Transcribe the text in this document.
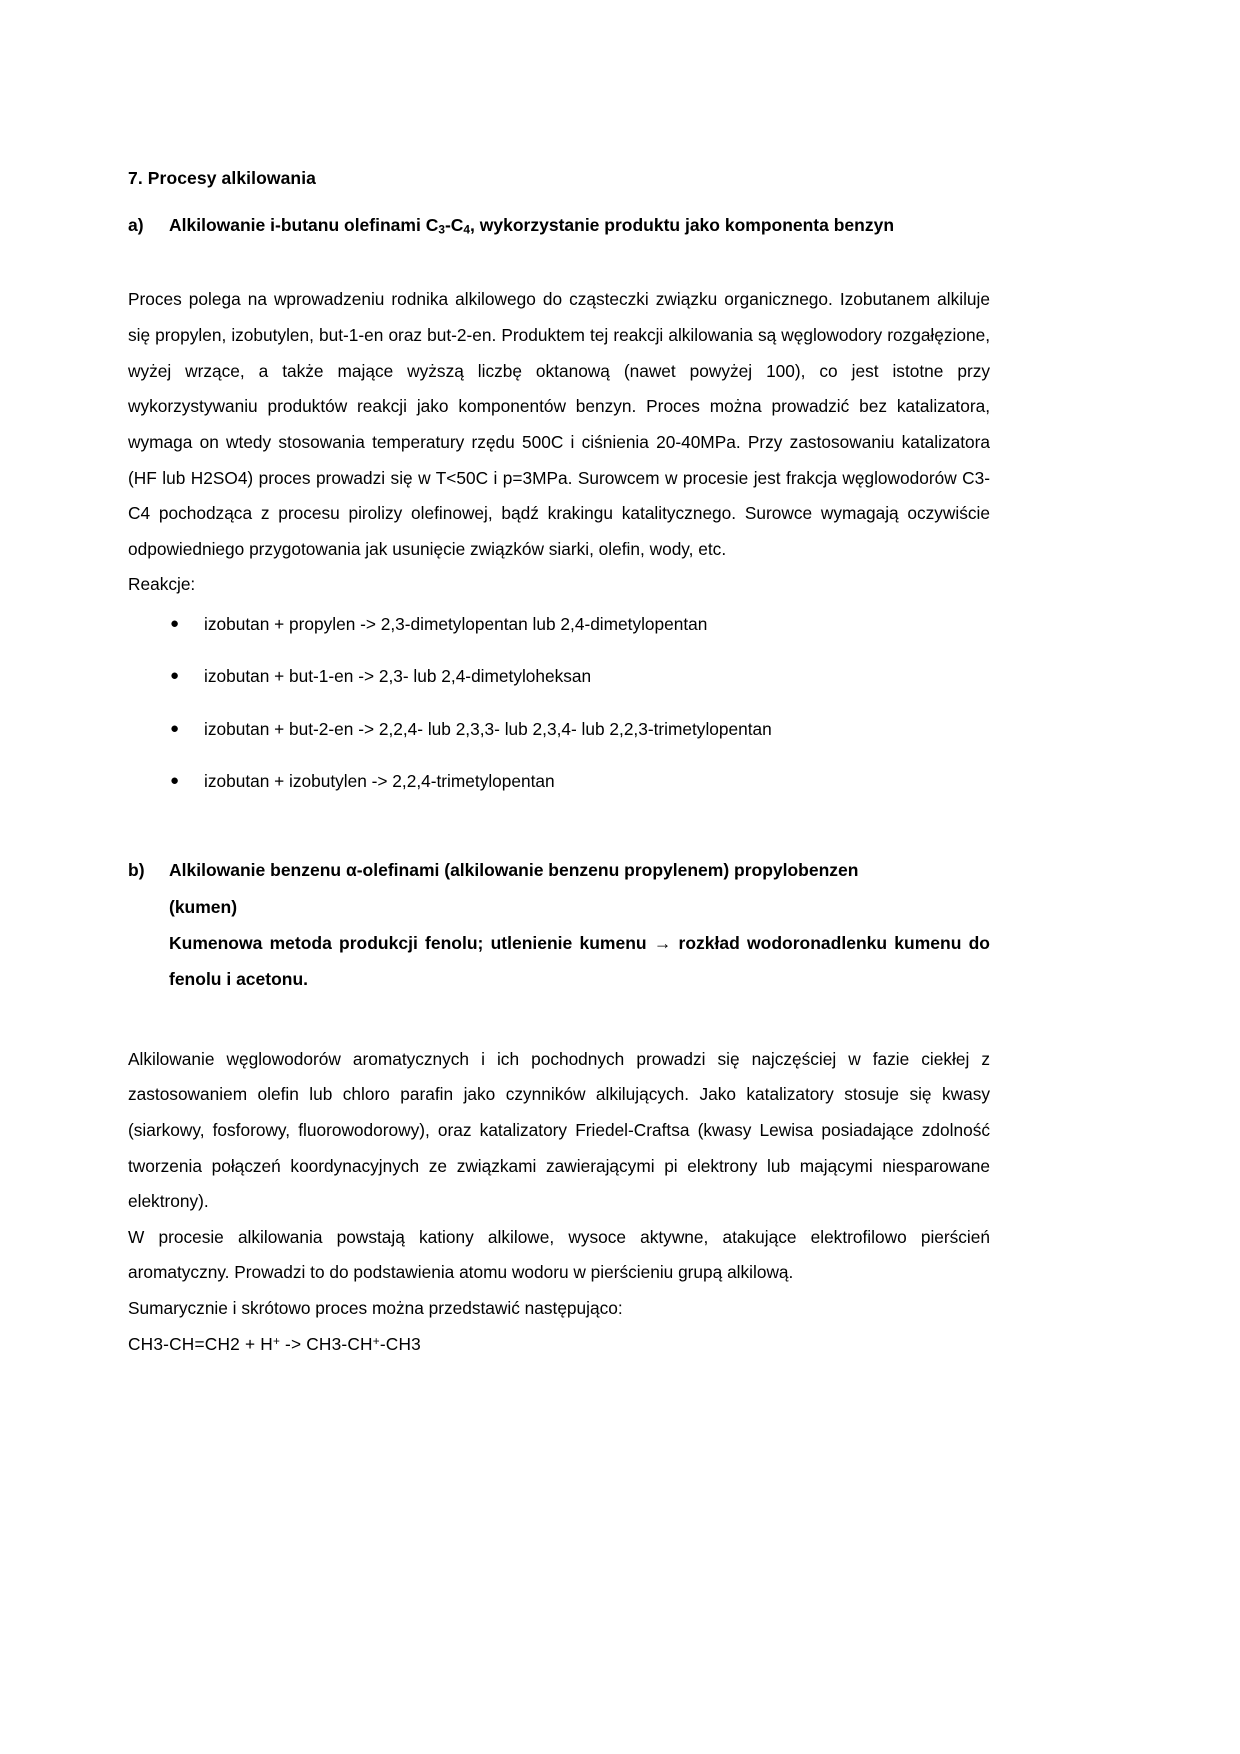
7. Procesy alkilowania
a) Alkilowanie i-butanu olefinami $C_3-C_4$, wykorzystanie produktu jako komponenta benzyn

Proces polega na wprowadzeniu rodnika alkilowego do cząsteczki związku organicznego. Izobutanem alkiluje się propylen, izobutylen, but-1-en oraz but-2-en. Produktem tej reakcji alkilowania są węglowodory rozgałęzione, wyżej wrzące, a także mające wyższą liczbę oktanową (nawet powyżej 100), co jest istotne przy wykorzystywaniu produktów reakcji jako komponentów benzyn. Proces można prowadzić bez katalizatora, wymaga on wtedy stosowania temperatury rzędu 500C i ciśnienia 20-40MPa. Przy zastosowaniu katalizatora (HF lub H2SO4) proces prowadzi się w T<50C i p=3MPa. Surowcem w procesie jest frakcja węglowodorów C3-C4 pochodząca z procesu pirolizy olefinowej, bądź krakingu katalitycznego. Surowce wymagają oczywiście odpowiedniego przygotowania jak usunięcie związków siarki, olefin, wody, etc.

Reakcje:

● izobutan + propylen -> 2,3-dimetylopentan lub 2,4-dimetylopentan
● izobutan + but-1-en -> 2,3- lub 2,4-dimetyloheksan
● izobutan + but-2-en -> 2,2,4- lub 2,3,3- lub 2,3,4- lub 2,2,3-trimetylopentan
● izobutan + izobutylen -> 2,2,4-trimetylopentan
b) Alkilowanie benzenu α-olefinami (alkilowanie benzenu propylenem) propylobenzen
(kumen)
Kumenowa metoda produkcji fenolu; utlenienie kumenu → rozkład wodoronadlenku kumenu do fenolu i acetonu.

Alkilowanie węglowodorów aromatycznych i ich pochodnych prowadzi się najczęściej w fazie ciekłej z zastosowaniem olefin lub chloro parafin jako czynników alkilujących. Jako katalizatory stosuje się kwasy (siarkowy, fosforowy, fluorowodorowy), oraz katalizatory Friedel-Craftsa (kwasy Lewisa posiadające zdolność tworzenia połączeń koordynacyjnych ze związkami zawierającymi pi elektrony lub mającymi niesparowane elektrony).

W procesie alkilowania powstają kationy alkilowe, wysoce aktywne, atakujące elektrofilowo pierścień aromatyczny. Prowadzi to do podstawienia atomu wodoru w pierścieniu grupą alkilową.

Sumarycznie i skrótowo proces można przedstawić następująco:

CH3-CH=CH2 + H+ -> CH3-CH+-CH3
